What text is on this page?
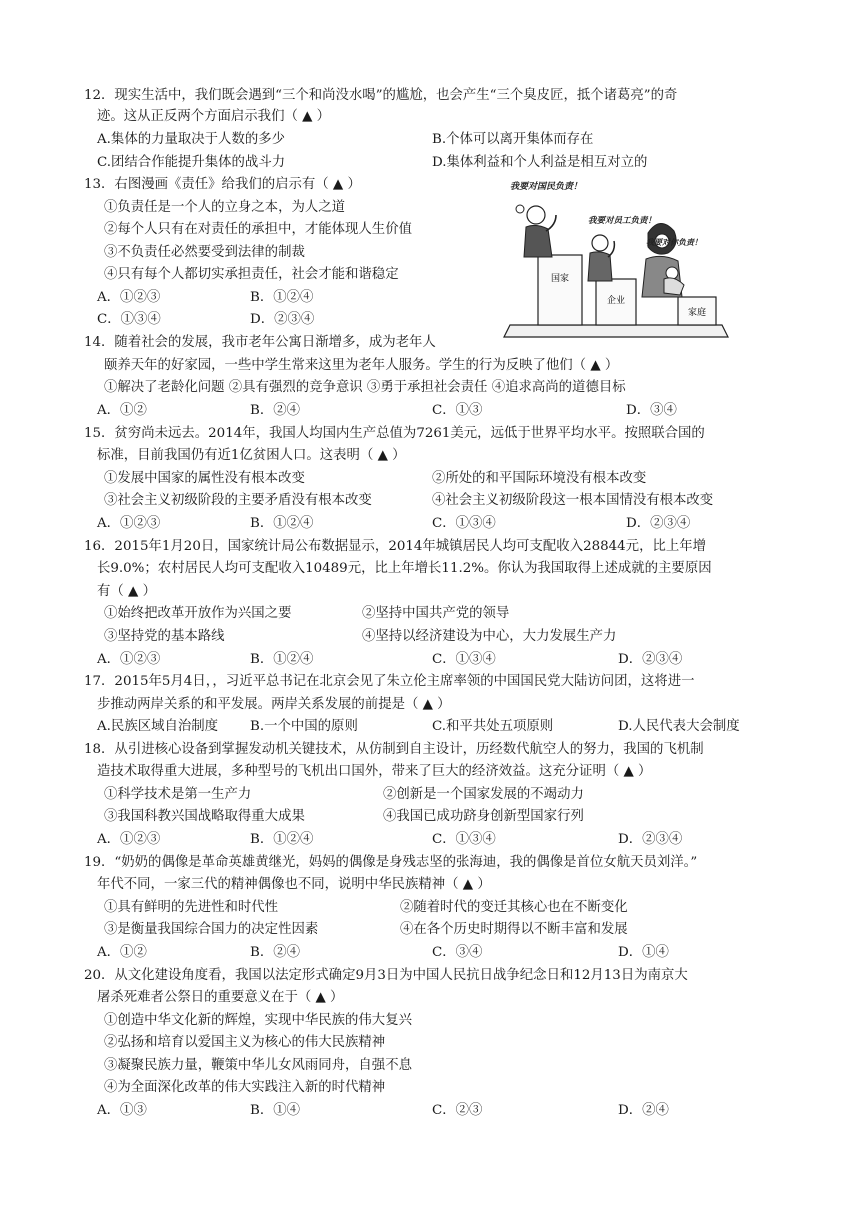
12．现实生活中，我们既会遇到“三个和尚没水喝”的尴尬，也会产生“三个臭皮匠，抵个诸葛亮”的奇
迹。这从正反两个方面启示我们（ ▲ ）
A.集体的力量取决于人数的多少	B.个体可以离开集体而存在
C.团结合作能提升集体的战斗力	D.集体利益和个人利益是相互对立的
13．右图漫画《责任》给我们的启示有（ ▲ ）
①负责任是一个人的立身之本，为人之道
②每个人只有在对责任的承担中，才能体现人生价值
③不负责任必然要受到法律的制裁
④只有每个人都切实承担责任，社会才能和谐稳定
A．①②③	B．①②④
C．①③④	D．②③④
国家
企业
家庭
我要对国民负责！
我要对员工负责！
我要对你负责！
14．随着社会的发展，我市老年公寓日渐增多，成为老年人
颐养天年的好家园，一些中学生常来这里为老年人服务。学生的行为反映了他们（ ▲ ）
①解决了老龄化问题 ②具有强烈的竞争意识 ③勇于承担社会责任 ④追求高尚的道德目标
A．①②	B．②④	C．①③	D．③④
15．贫穷尚未远去。2014年，我国人均国内生产总值为7261美元，远低于世界平均水平。按照联合国的
标准，目前我国仍有近1亿贫困人口。这表明（ ▲ ）
①发展中国家的属性没有根本改变	②所处的和平国际环境没有根本改变
③社会主义初级阶段的主要矛盾没有根本改变	④社会主义初级阶段这一根本国情没有根本改变
A．①②③	B．①②④	C．①③④	D．②③④
16．2015年1月20日，国家统计局公布数据显示，2014年城镇居民人均可支配收入28844元，比上年增
长9.0%；农村居民人均可支配收入10489元，比上年增长11.2%。你认为我国取得上述成就的主要原因
有（ ▲ ）
①始终把改革开放作为兴国之要	②坚持中国共产党的领导
③坚持党的基本路线	④坚持以经济建设为中心，大力发展生产力
A．①②③	B．①②④	C．①③④	D．②③④
17．2015年5月4日，，习近平总书记在北京会见了朱立伦主席率领的中国国民党大陆访问团，这将进一
步推动两岸关系的和平发展。两岸关系发展的前提是（ ▲ ）
A.民族区域自治制度 B.一个中国的原则	C.和平共处五项原则	D.人民代表大会制度
18．从引进核心设备到掌握发动机关键技术，从仿制到自主设计，历经数代航空人的努力，我国的飞机制
造技术取得重大进展，多种型号的飞机出口国外，带来了巨大的经济效益。这充分证明（ ▲ ）
①科学技术是第一生产力	②创新是一个国家发展的不竭动力
③我国科教兴国战略取得重大成果	④我国已成功跻身创新型国家行列
A．①②③	B．①②④	C．①③④	D．②③④
19．“奶奶的偶像是革命英雄黄继光，妈妈的偶像是身残志坚的张海迪，我的偶像是首位女航天员刘洋。”
年代不同，一家三代的精神偶像也不同，说明中华民族精神（ ▲ ）
①具有鲜明的先进性和时代性	②随着时代的变迁其核心也在不断变化
③是衡量我国综合国力的决定性因素	④在各个历史时期得以不断丰富和发展
A．①②	B．②④	C．③④	D．①④
20．从文化建设角度看，我国以法定形式确定9月3日为中国人民抗日战争纪念日和12月13日为南京大
屠杀死难者公祭日的重要意义在于（ ▲ ）
①创造中华文化新的辉煌，实现中华民族的伟大复兴
②弘扬和培育以爱国主义为核心的伟大民族精神
③凝聚民族力量，鞭策中华儿女风雨同舟，自强不息
④为全面深化改革的伟大实践注入新的时代精神
A．①③	B．①④	C．②③	D．②④
